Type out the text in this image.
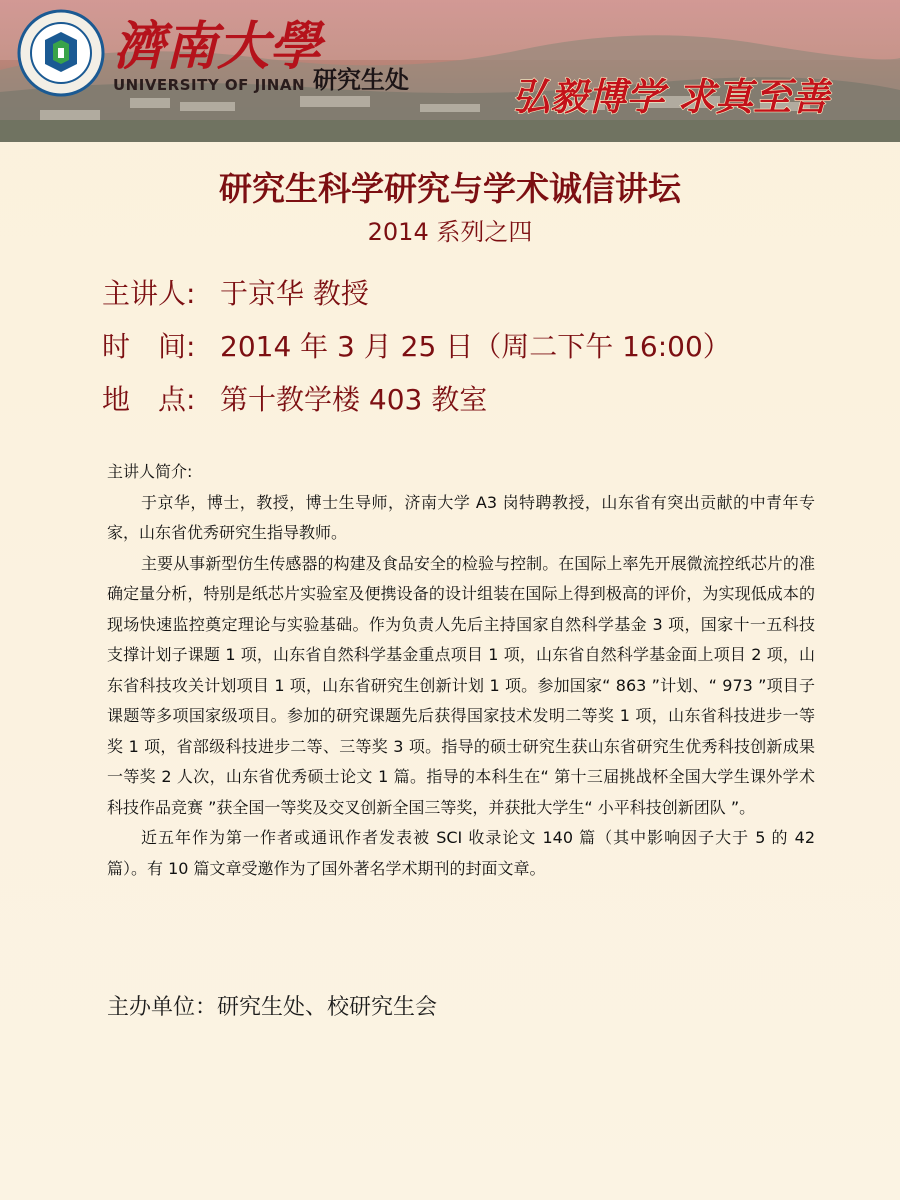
濟南大學
UNIVERSITY OF JINAN 研究生处	弘毅博学 求真至善
研究生科学研究与学术诚信讲坛
2014 系列之四
主讲人: 于京华 教授
时　间: 2014 年 3 月 25 日（周二下午 16:00）
地　点: 第十教学楼 403 教室
主讲人简介:

于京华，博士，教授，博士生导师，济南大学 A3 岗特聘教授，山东省有突出贡献的中青年专家，山东省优秀研究生指导教师。

主要从事新型仿生传感器的构建及食品安全的检验与控制。在国际上率先开展微流控纸芯片的准确定量分析，特别是纸芯片实验室及便携设备的设计组装在国际上得到极高的评价，为实现低成本的现场快速监控奠定理论与实验基础。作为负责人先后主持国家自然科学基金 3 项，国家十一五科技支撑计划子课题 1 项，山东省自然科学基金重点项目 1 项，山东省自然科学基金面上项目 2 项，山东省科技攻关计划项目 1 项，山东省研究生创新计划 1 项。参加国家“ 863 ”计划、“ 973 ”项目子课题等多项国家级项目。参加的研究课题先后获得国家技术发明二等奖 1 项，山东省科技进步一等奖 1 项，省部级科技进步二等、三等奖 3 项。指导的硕士研究生获山东省研究生优秀科技创新成果一等奖 2 人次，山东省优秀硕士论文 1 篇。指导的本科生在“ 第十三届挑战杯全国大学生课外学术科技作品竞赛 ”获全国一等奖及交叉创新全国三等奖，并获批大学生“ 小平科技创新团队 ”。

近五年作为第一作者或通讯作者发表被 SCI 收录论文 140 篇（其中影响因子大于 5 的 42 篇）。有 10 篇文章受邀作为了国外著名学术期刊的封面文章。

主办单位：研究生处、校研究生会
